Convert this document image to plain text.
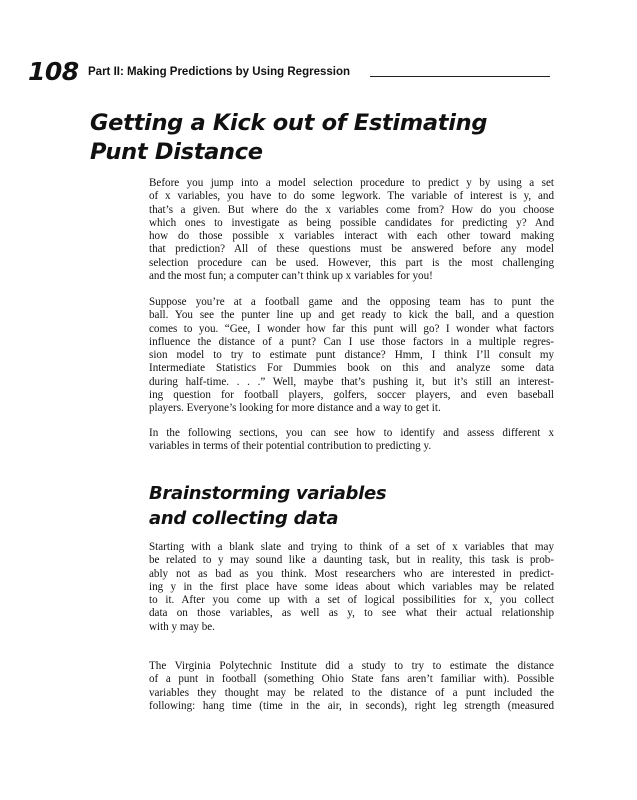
108 Part II: Making Predictions by Using Regression
Getting a Kick out of Estimating
Punt Distance

Before you jump into a model selection procedure to predict y by using a set
of x variables, you have to do some legwork. The variable of interest is y, and
that’s a given. But where do the x variables come from? How do you choose
which ones to investigate as being possible candidates for predicting y? And
how do those possible x variables interact with each other toward making
that prediction? All of these questions must be answered before any model
selection procedure can be used. However, this part is the most challenging
and the most fun; a computer can’t think up x variables for you!

Suppose you’re at a football game and the opposing team has to punt the
ball. You see the punter line up and get ready to kick the ball, and a question
comes to you. “Gee, I wonder how far this punt will go? I wonder what factors
influence the distance of a punt? Can I use those factors in a multiple regres-
sion model to try to estimate punt distance? Hmm, I think I’ll consult my
Intermediate Statistics For Dummies book on this and analyze some data
during half-time. . . .” Well, maybe that’s pushing it, but it’s still an interest-
ing question for football players, golfers, soccer players, and even baseball
players. Everyone’s looking for more distance and a way to get it.

In the following sections, you can see how to identify and assess different x
variables in terms of their potential contribution to predicting y.

Brainstorming variables
and collecting data

Starting with a blank slate and trying to think of a set of x variables that may
be related to y may sound like a daunting task, but in reality, this task is prob-
ably not as bad as you think. Most researchers who are interested in predict-
ing y in the first place have some ideas about which variables may be related
to it. After you come up with a set of logical possibilities for x, you collect
data on those variables, as well as y, to see what their actual relationship
with y may be.

The Virginia Polytechnic Institute did a study to try to estimate the distance
of a punt in football (something Ohio State fans aren’t familiar with). Possible
variables they thought may be related to the distance of a punt included the
following: hang time (time in the air, in seconds), right leg strength (measured
